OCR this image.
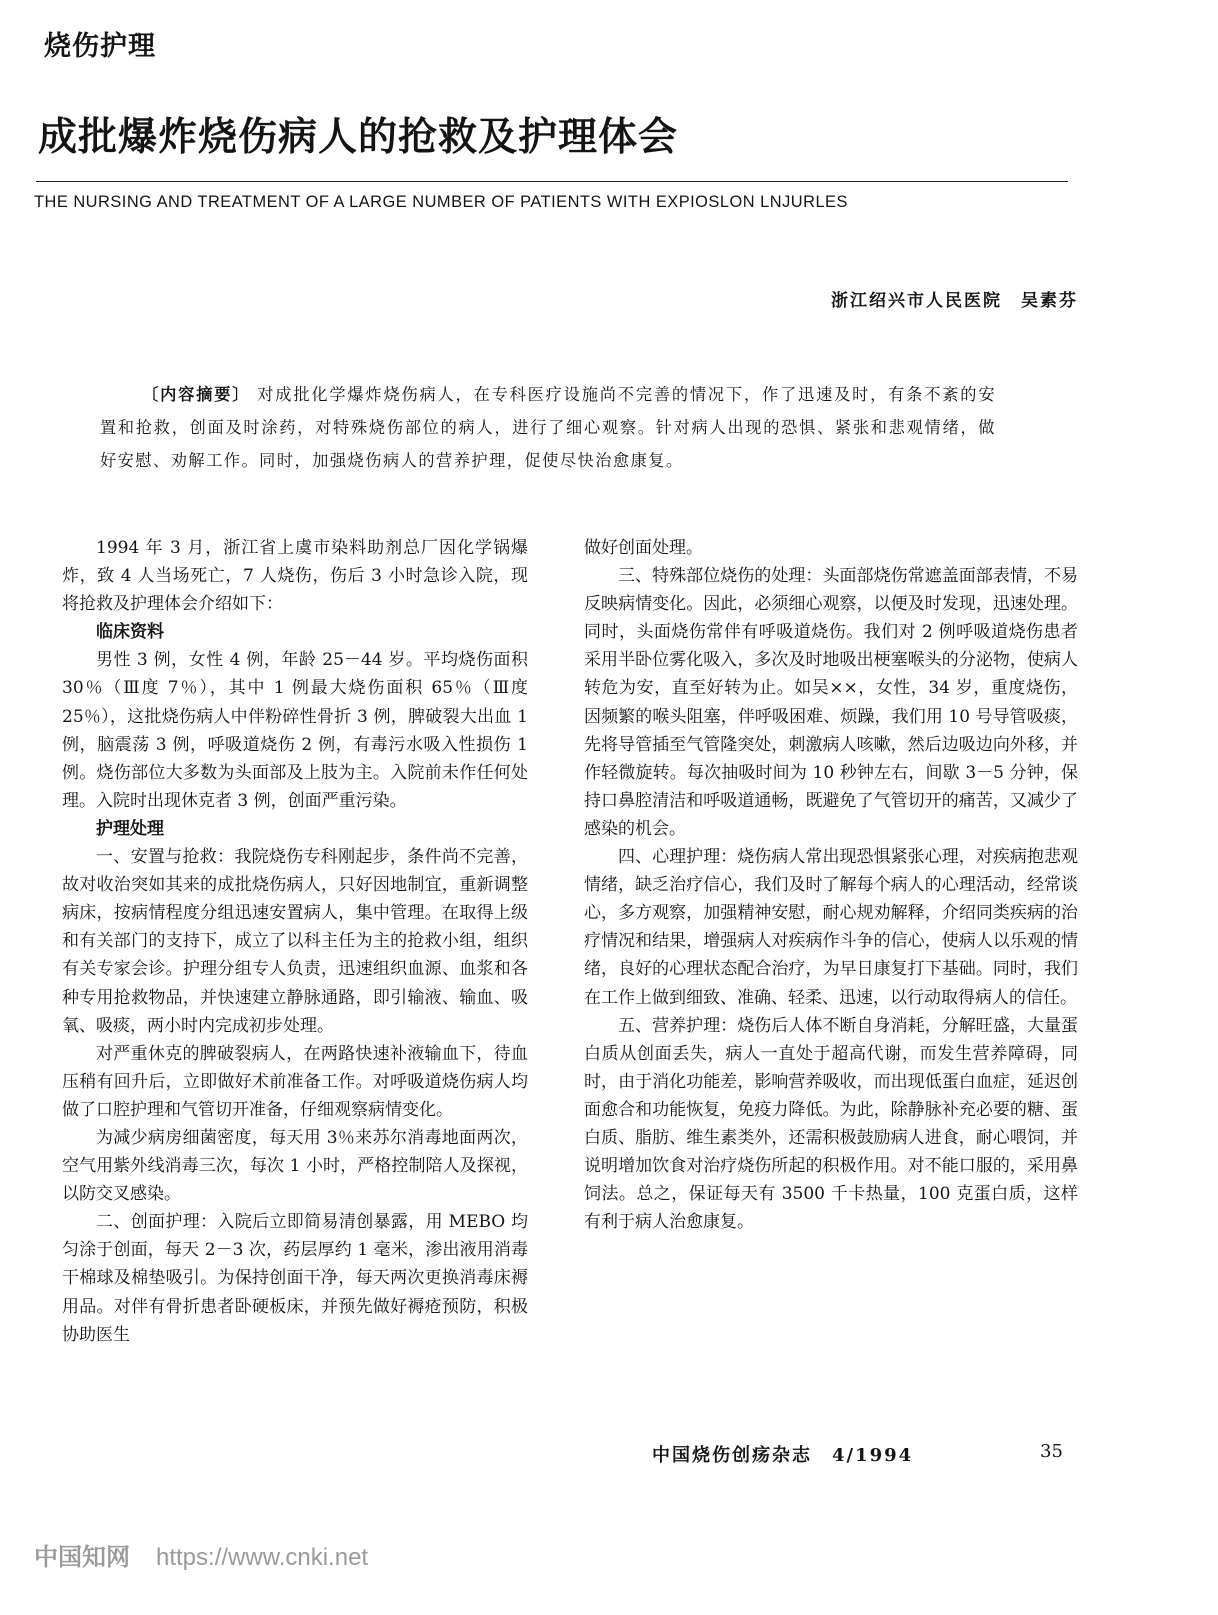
烧伤护理
成批爆炸烧伤病人的抢救及护理体会
THE NURSING AND TREATMENT OF A LARGE NUMBER OF PATIENTS WITH EXPIOSLON LNJURLES
浙江绍兴市人民医院　吴素芬
〔内容摘要〕 对成批化学爆炸烧伤病人，在专科医疗设施尚不完善的情况下，作了迅速及时，有条不紊的安置和抢救，创面及时涂药，对特殊烧伤部位的病人，进行了细心观察。针对病人出现的恐惧、紧张和悲观情绪，做好安慰、劝解工作。同时，加强烧伤病人的营养护理，促使尽快治愈康复。

1994 年 3 月，浙江省上虞市染料助剂总厂因化学锅爆炸，致 4 人当场死亡，7 人烧伤，伤后 3 小时急诊入院，现将抢救及护理体会介绍如下：

临床资料

男性 3 例，女性 4 例，年龄 25－44 岁。平均烧伤面积 30％（Ⅲ度 7％），其中 1 例最大烧伤面积 65％（Ⅲ度 25％），这批烧伤病人中伴粉碎性骨折 3 例，脾破裂大出血 1 例，脑震荡 3 例，呼吸道烧伤 2 例，有毒污水吸入性损伤 1 例。烧伤部位大多数为头面部及上肢为主。入院前未作任何处理。入院时出现休克者 3 例，创面严重污染。

护理处理

一、安置与抢救：我院烧伤专科刚起步，条件尚不完善，故对收治突如其来的成批烧伤病人，只好因地制宜，重新调整病床，按病情程度分组迅速安置病人，集中管理。在取得上级和有关部门的支持下，成立了以科主任为主的抢救小组，组织有关专家会诊。护理分组专人负责，迅速组织血源、血浆和各种专用抢救物品，并快速建立静脉通路，即引输液、输血、吸氧、吸痰，两小时内完成初步处理。

对严重休克的脾破裂病人，在两路快速补液输血下，待血压稍有回升后，立即做好术前准备工作。对呼吸道烧伤病人均做了口腔护理和气管切开准备，仔细观察病情变化。

为减少病房细菌密度，每天用 3％来苏尔消毒地面两次，空气用紫外线消毒三次，每次 1 小时，严格控制陪人及探视，以防交叉感染。

二、创面护理：入院后立即简易清创暴露，用 MEBO 均匀涂于创面，每天 2－3 次，药层厚约 1 毫米，渗出液用消毒干棉球及棉垫吸引。为保持创面干净，每天两次更换消毒床褥用品。对伴有骨折患者卧硬板床，并预先做好褥疮预防，积极协助医生

做好创面处理。

三、特殊部位烧伤的处理：头面部烧伤常遮盖面部表情，不易反映病情变化。因此，必须细心观察，以便及时发现，迅速处理。同时，头面烧伤常伴有呼吸道烧伤。我们对 2 例呼吸道烧伤患者采用半卧位雾化吸入，多次及时地吸出梗塞喉头的分泌物，使病人转危为安，直至好转为止。如吴××，女性，34 岁，重度烧伤，因频繁的喉头阻塞，伴呼吸困难、烦躁，我们用 10 号导管吸痰，先将导管插至气管隆突处，刺激病人咳嗽，然后边吸边向外移，并作轻微旋转。每次抽吸时间为 10 秒钟左右，间歇 3－5 分钟，保持口鼻腔清洁和呼吸道通畅，既避免了气管切开的痛苦，又减少了感染的机会。

四、心理护理：烧伤病人常出现恐惧紧张心理，对疾病抱悲观情绪，缺乏治疗信心，我们及时了解每个病人的心理活动，经常谈心，多方观察，加强精神安慰，耐心规劝解释，介绍同类疾病的治疗情况和结果，增强病人对疾病作斗争的信心，使病人以乐观的情绪，良好的心理状态配合治疗，为早日康复打下基础。同时，我们在工作上做到细致、准确、轻柔、迅速，以行动取得病人的信任。

五、营养护理：烧伤后人体不断自身消耗，分解旺盛，大量蛋白质从创面丢失，病人一直处于超高代谢，而发生营养障碍，同时，由于消化功能差，影响营养吸收，而出现低蛋白血症，延迟创面愈合和功能恢复，免疫力降低。为此，除静脉补充必要的糖、蛋白质、脂肪、维生素类外，还需积极鼓励病人进食，耐心喂饲，并说明增加饮食对治疗烧伤所起的积极作用。对不能口服的，采用鼻饲法。总之，保证每天有 3500 千卡热量，100 克蛋白质，这样有利于病人治愈康复。

中国烧伤创疡杂志　4/1994	35
中国知网 https://www.cnki.net
